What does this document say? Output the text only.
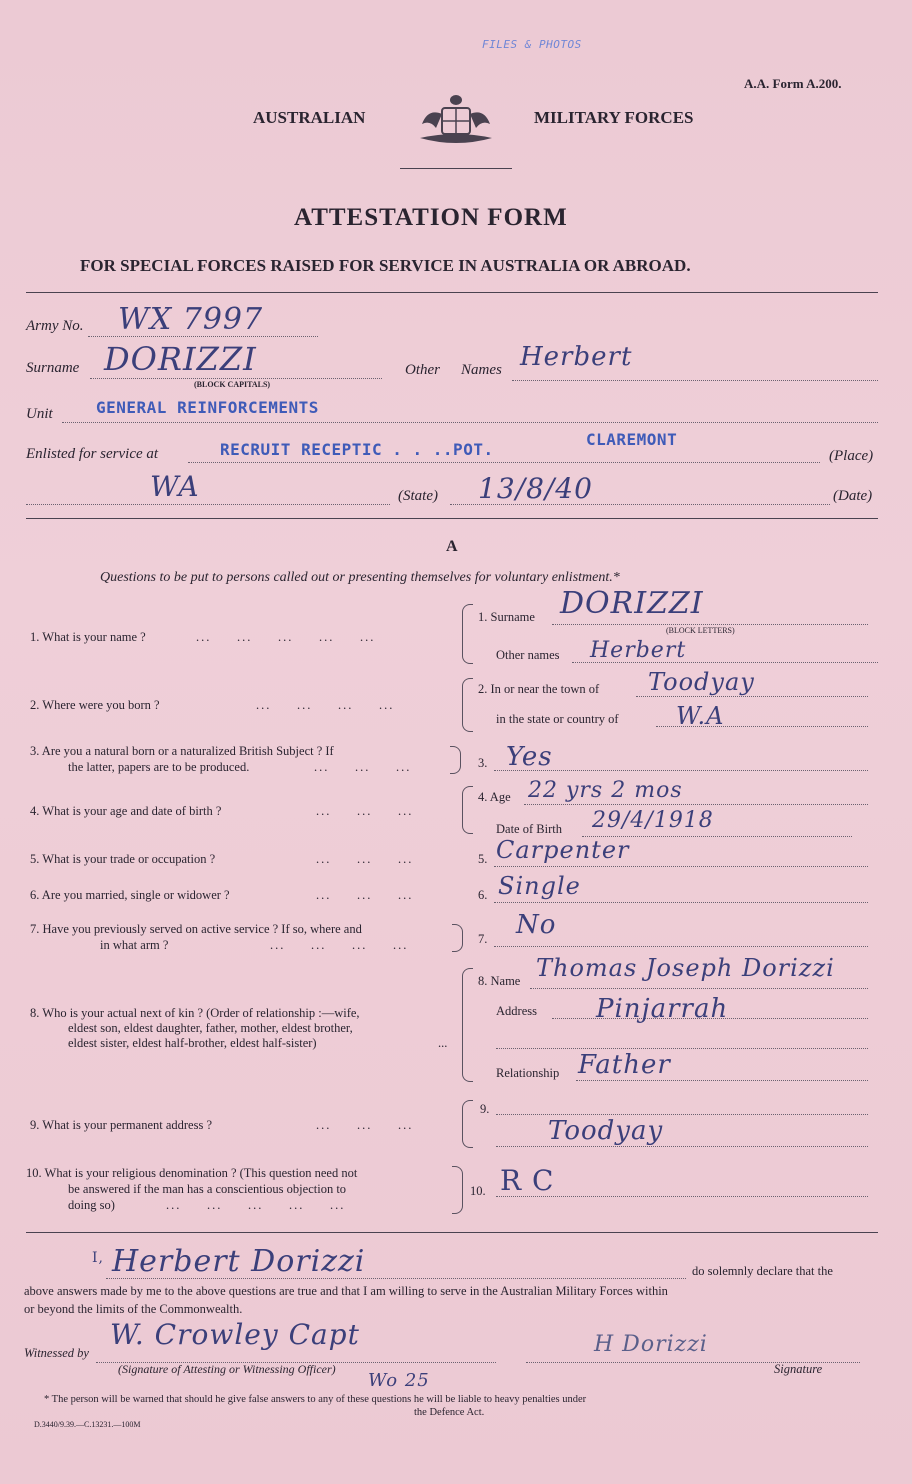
FILES & PHOTOS
A.A. Form A.200.
AUSTRALIAN	MILITARY FORCES
ATTESTATION FORM
FOR SPECIAL FORCES RAISED FOR SERVICE IN AUSTRALIA OR ABROAD.
Army No. WX 7997
Surname DORIZZI
(BLOCK CAPITALS)
Other Names Herbert
Unit	GENERAL REINFORCEMENTS
Enlisted for service at	RECRUIT RECEPTIC . . ..POT.
CLAREMONT
(Place)
WA	(State) 13/8/40	(Date)
A
Questions to be put to persons called out or presenting themselves for voluntary enlistment.*
1. What is your name ?	...     ...     ...     ...     ...
1. Surname DORIZZI
(BLOCK LETTERS)
Other names Herbert
2. Where were you born ?	...     ...     ...     ...
2. In or near the town of Toodyay
in the state or country of W.A
3. Are you a natural born or a naturalized British Subject ? If
the latter, papers are to be produced.	...     ...     ...	3. Yes
4. What is your age and date of birth ?	...     ...     ...
4. Age 22 yrs 2 mos
Date of Birth 29/4/1918
5. What is your trade or occupation ?	...     ...     ...	5. Carpenter
6. Are you married, single or widower ?	...     ...     ...	6. Single
7. Have you previously served on active service ? If so, where and
in what arm ?	...     ...     ...     ...	7. No
8. Who is your actual next of kin ? (Order of relationship :—wife,
eldest son, eldest daughter, father, mother, eldest brother,
eldest sister, eldest half-brother, eldest half-sister)	...
8. Name Thomas Joseph Dorizzi
Address Pinjarrah
Relationship Father
9. What is your permanent address ?	...     ...     ...
9.
Toodyay
10. What is your religious denomination ? (This question need not
be answered if the man has a conscientious objection to
doing so)	...     ...     ...     ...     ...
10. R C
I, Herbert Dorizzi	do solemnly declare that the
above answers made by me to the above questions are true and that I am willing to serve in the Australian Military Forces within
or beyond the limits of the Commonwealth.
Witnessed by
W. Crowley Capt
(Signature of Attesting or Witnessing Officer)
Wo 25
H Dorizzi
Signature
* The person will be warned that should he give false answers to any of these questions he will be liable to heavy penalties under
the Defence Act.
D.3440/9.39.—C.13231.—100M
